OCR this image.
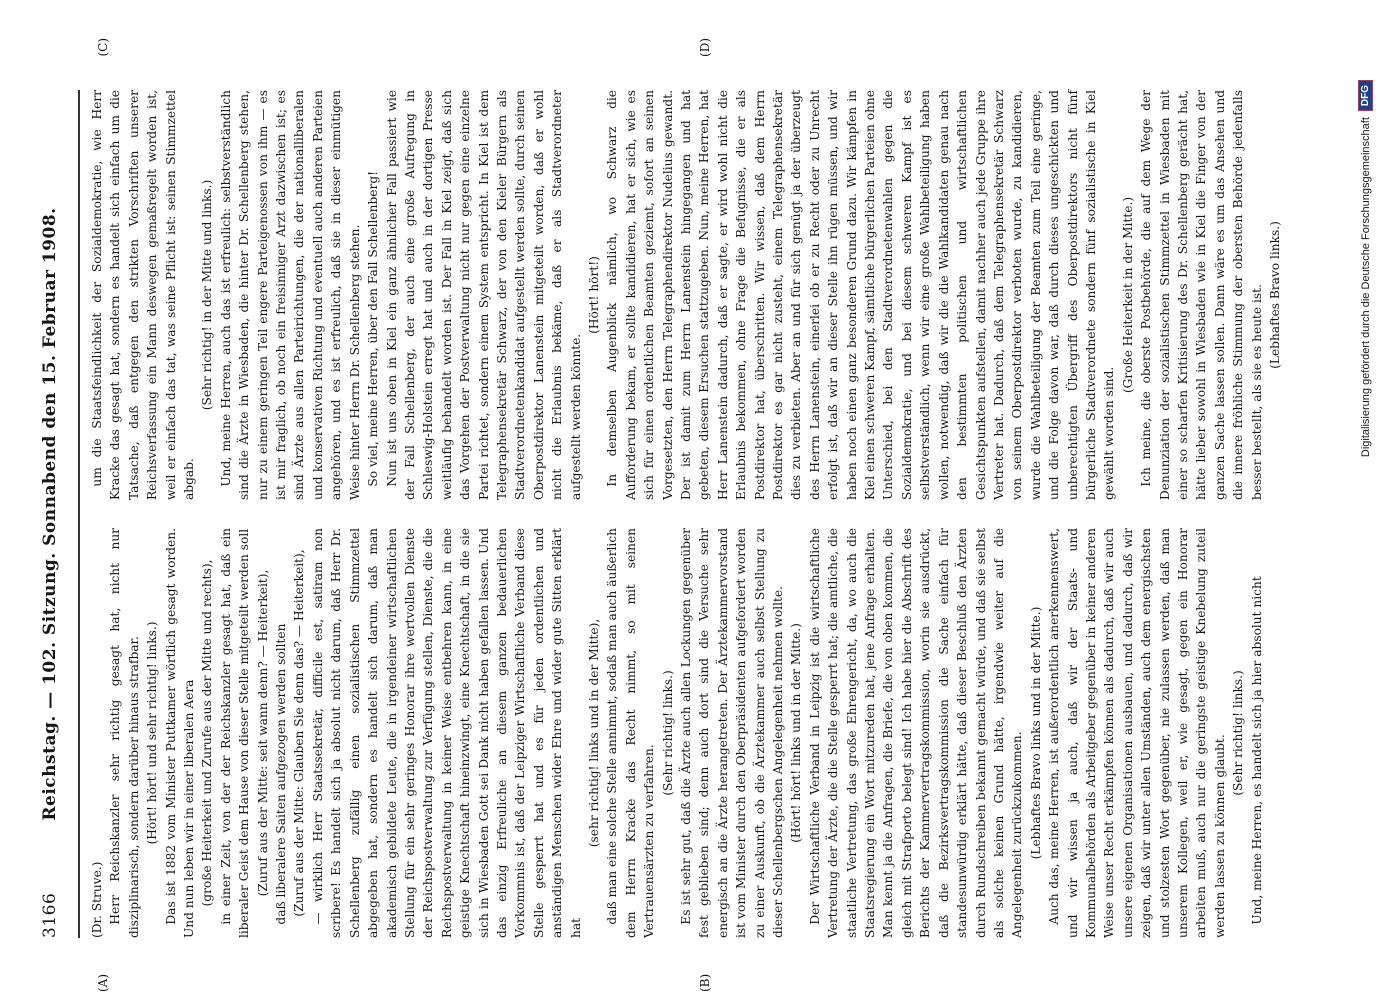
3166
Reichstag. — 102. Sitzung. Sonnabend den 15. Februar 1908.
(A)	(B)
(C)	(D)

(Dr. Struve.) Herr Reichskanzler sehr richtig gesagt hat, nicht nur disziplinarisch, sondern darüber hinaus strafbar. (Hört! hört! und sehr richtig! links.) Das ist 1882 vom Minister Puttkamer wörtlich gesagt worden. Und nun leben wir in einer liberalen Aera (große Heiterkeit und Zurufe aus der Mitte und rechts), in einer Zeit, von der der Reichskanzler gesagt hat, daß ein liberaler Geist dem Hause von dieser Stelle mitgeteilt werden soll (Zuruf aus der Mitte: seit wann denn? — Heiterkeit), daß liberalere Saiten aufgezogen werden sollten (Zuruf aus der Mitte: Glauben Sie denn das? — Heiterkeit), — wirklich Herr Staatssekretär, difficile est, satiram non scribere! Es handelt sich ja absolut nicht darum, daß Herr Dr. Schellenberg zufällig einen sozialistischen Stimmzettel abgegeben hat, sondern es handelt sich darum, daß man akademisch gebildete Leute, die in irgendeiner wirtschaftlichen Stellung für ein sehr geringes Honorar ihre wertvollen Dienste der Reichspostverwaltung zur Verfügung stellen, Dienste, die die Reichspostverwaltung in keiner Weise entbehren kann, in eine geistige Knechtschaft hineinzwingt, eine Knechtschaft, in die sie sich in Wiesbaden Gott sei Dank nicht haben gefallen lassen. Und das einzig Erfreuliche an diesem ganzen bedauerlichen Vorkommnis ist, daß der Leipziger Wirtschaftliche Verband diese Stelle gesperrt hat und es für jeden ordentlichen und anständigen Menschen wider Ehre und wider gute Sitten erklärt hat

(sehr richtig! links und in der Mitte), daß man eine solche Stelle annimmt, sodaß man auch äußerlich dem Herrn Kracke das Recht nimmt, so mit seinen Vertrauensärzten zu verfahren.

(Sehr richtig! links.) Es ist sehr gut, daß die Ärzte auch allen Lockungen gegenüber fest geblieben sind; denn auch dort sind die Versuche sehr energisch an die Ärzte herangetreten. Der Ärztekammervorstand ist vom Minister durch den Oberpräsidenten aufgefordert worden zu einer Auskunft, ob die Ärztekammer auch selbst Stellung zu dieser Schellenbergschen Angelegenheit nehmen wollte. (Hört! hört! links und in der Mitte.) Der Wirtschaftliche Verband in Leipzig ist die wirtschaftliche Vertretung der Ärzte, die die Stelle gesperrt hat; die amtliche, die staatliche Vertretung, das große Ehrengericht, da, wo auch die Staatsregierung ein Wort mitzureden hat, jene Anfrage erhalten. Man kennt ja die Anfragen, die Briefe, die von oben kommen, die gleich mit Strafporto belegt sind! Ich habe hier die Abschrift des Berichts der Kammervertragskommission, worin sie ausdrückt, daß die Bezirksvertragskommission die Sache einfach für standesunwürdig erklärt hätte, daß dieser Beschluß den Ärzten durch Rundschreiben bekannt gemacht würde, und daß sie selbst als solche keinen Grund hätte, irgendwie weiter auf die Angelegenheit zurückzukommen. (Lebhaftes Bravo links und in der Mitte.) Auch das, meine Herren, ist außerordentlich anerkennenswert, und wir wissen ja auch, daß wir der Staats- und Kommunalbehörden als Arbeitgeber gegenüber in keiner anderen Weise unser Recht erkämpfen können als dadurch, daß wir auch unsere eigenen Organisationen ausbauen, und dadurch, daß wir zeigen, daß wir unter allen Umständen, auch dem energischsten und stolzesten Wort gegenüber, nie zulassen werden, daß man unserem Kollegen, weil er, wie gesagt, gegen ein Honorar arbeiten muß, auch nur die geringste geistige Knebelung zuteil werden lassen zu können glaubt.

(Sehr richtig! links.) Und, meine Herren, es handelt sich ja hier absolut nicht

um die Staatsfeindlichkeit der Sozialdemokratie, wie Herr Kracke das gesagt hat, sondern es handelt sich einfach um die Tatsache, daß entgegen den strikten Vorschriften unserer Reichsverfassung ein Mann deswegen gemaßregelt worden ist, weil er einfach das tat, was seine Pflicht ist: seinen Stimmzettel abgab.

(Sehr richtig! in der Mitte und links.) Und, meine Herren, auch das ist erfreulich: selbstverständlich sind die Ärzte in Wiesbaden, die hinter Dr. Schellenberg stehen, nur zu einem geringen Teil engere Parteigenossen von ihm — es ist mir fraglich, ob noch ein freisinniger Arzt dazwischen ist; es sind Ärzte aus allen Parteirichtungen, die der nationalliberalen und konservativen Richtung und eventuell auch anderen Parteien angehören, und es ist erfreulich, daß sie in dieser einmütigen Weise hinter Herrn Dr. Schellenberg stehen. So viel, meine Herren, über den Fall Schellenberg! Nun ist uns oben in Kiel ein ganz ähnlicher Fall passiert wie der Fall Schellenberg, der auch eine große Aufregung in Schleswig-Holstein erregt hat und auch in der dortigen Presse weitläufig behandelt worden ist. Der Fall in Kiel zeigt, daß sich das Vorgehen der Postverwaltung nicht nur gegen eine einzelne Partei richtet, sondern einem System entspricht. In Kiel ist dem Telegraphensekretär Schwarz, der von den Kieler Bürgern als Stadtverordnetenkandidat aufgestellt werden sollte, durch seinen Oberpostdirektor Lanenstein mitgeteilt worden, daß er wohl nicht die Erlaubnis bekäme, daß er als Stadtverordneter aufgestellt werden könnte.

(Hört! hört!) In demselben Augenblick nämlich, wo Schwarz die Aufforderung bekam, er sollte kandidieren, hat er sich, wie es sich für einen ordentlichen Beamten geziemt, sofort an seinen Vorgesetzten, den Herrn Telegraphendirektor Nudelius gewandt. Der ist damit zum Herrn Lanenstein hingegangen und hat gebeten, diesem Ersuchen stattzugeben. Nun, meine Herren, hat Herr Lanenstein dadurch, daß er sagte, er wird wohl nicht die Erlaubnis bekommen, ohne Frage die Befugnisse, die er als Postdirektor hat, überschritten. Wir wissen, daß dem Herrn Postdirektor es gar nicht zusteht, einem Telegraphensekretär dies zu verbieten. Aber an und für sich genügt ja der überzeugt des Herrn Lanenstein, einerlei ob er zu Recht oder zu Unrecht erfolgt ist, daß wir an dieser Stelle ihn rügen müssen, und wir haben noch einen ganz besonderen Grund dazu. Wir kämpfen in Kiel einen schweren Kampf, sämtliche bürgerlichen Parteien ohne Unterschied, bei den Stadtverordnetenwahlen gegen die Sozialdemokratie, und bei diesem schweren Kampf ist es selbstverständlich, wenn wir eine große Wahlbeteiligung haben wollen, notwendig, daß wir die die Wahlkandidaten genau nach den bestimmten politischen und wirtschaftlichen Gesichtspunkten aufstellen, damit nachher auch jede Gruppe ihre Vertreter hat. Dadurch, daß dem Telegraphensekretär Schwarz von seinem Oberpostdirektor verboten wurde, zu kandidieren, wurde die Wahlbeteiligung der Beamten zum Teil eine geringe, und die Folge davon war, daß durch dieses ungeschickten und unberechtigten Übergriff des Oberpostdirektors nicht fünf bürgerliche Stadtverordnete sondern fünf sozialistische in Kiel gewählt worden sind.

(Große Heiterkeit in der Mitte.) Ich meine, die oberste Postbehörde, die auf dem Wege der Denunziation der sozialistischen Stimmzettel in Wiesbaden mit einer so scharfen Kritisierung des Dr. Schellenberg gerächt hat, hätte lieber sowohl in Wiesbaden wie in Kiel die Finger von der ganzen Sache lassen sollen. Dann wäre es um das Ansehen und die innere fröhliche Stimmung der obersten Behörde jedenfalls besser bestellt, als sie es heute ist. (Lebhaftes Bravo links.)	Digitalisierung gefördert durch die Deutsche Forschungsgemeinschaft
DFG
